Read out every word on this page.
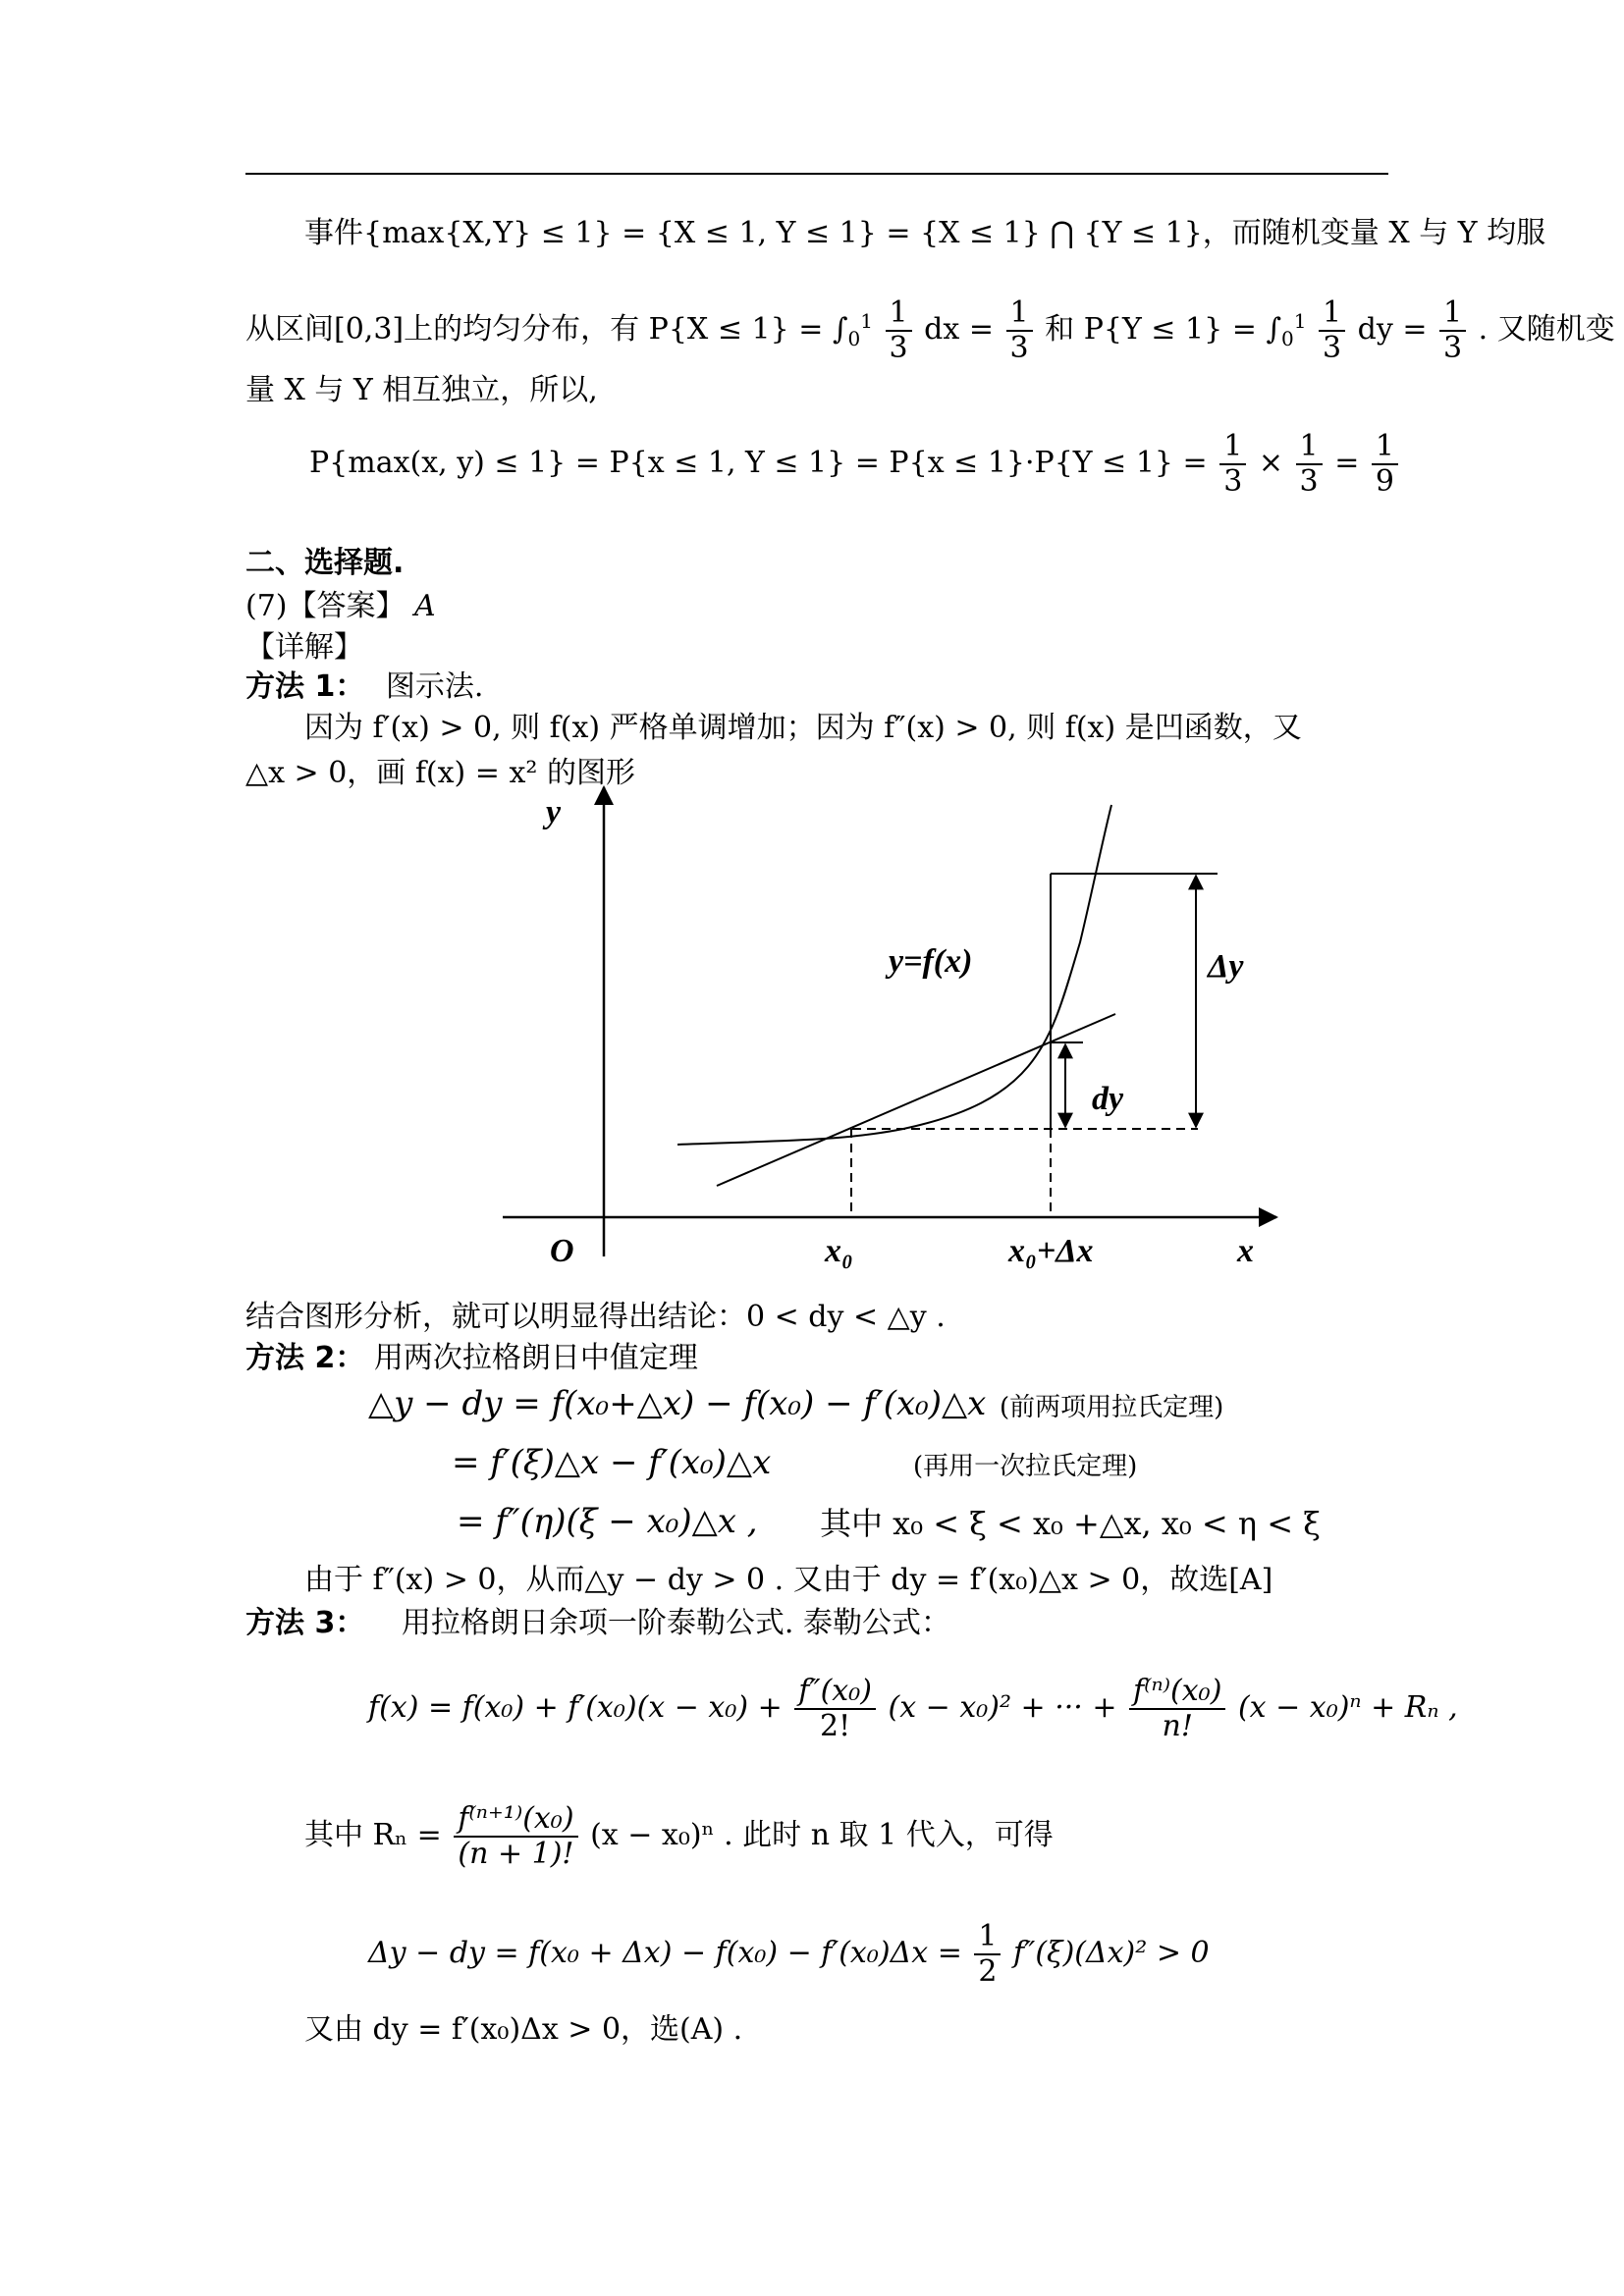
事件{max{X,Y} ≤ 1} = {X ≤ 1, Y ≤ 1} = {X ≤ 1} ⋂ {Y ≤ 1}，而随机变量 X 与 Y 均服
从区间[0,3]上的均匀分布，有 $P\{X \le 1\} = \int_0^1 \frac{1}{3}$ dx = $\frac{1}{3}$ 和 $P\{Y \le 1\} = \int_0^1 \frac{1}{3}$ dy = $\frac{1}{3}$ . 又随机变
量 X 与 Y 相互独立，所以,
P{max(x, y) ≤ 1} = P{x ≤ 1, $Y \le 1\} = P\{x \le 1\}\cdot P\{Y \le 1\} = \frac{1}{3} \times \frac{1}{3} = \frac{1}{9}$
二、选择题.
(7)【答案】 A
【详解】
方法 1： 图示法.
因为 f′(x) > 0, 则 f(x) 严格单调增加；因为 f″(x) > 0, 则 f(x) 是凹函数，又
△x > 0，画 f(x) = x² 的图形
y
x
O
y=f(x)	Δy
dy
x₀	x₀+Δx
结合图形分析，就可以明显得出结论：0 < dy < △y .
方法 2： 用两次拉格朗日中值定理
△y − dy = f(x₀+△x) − f(x₀) − f′(x₀)△x (前两项用拉氏定理)
= f′(ξ)△x − f′(x₀)△x	(再用一次拉氏定理)
= f″(η)(ξ − x₀)△x , 其中 x₀ < ξ < x₀ +△x, x₀ < η < ξ
由于 f″(x) > 0，从而△y − dy > 0 . 又由于 dy = f′(x₀)△x > 0，故选[A]
方法 3： 用拉格朗日余项一阶泰勒公式. 泰勒公式：
$f(x) = f(x_0) + f'(x_0)(x - x_0) + \frac{\text{f″(x₀)}}{2!} (x - x_0)^2$ + ··· + $\frac{\text{f⁽ⁿ⁾(x₀)}}{n!} (x - x_0)^n + R_n$ ,
其中 $R_n = \frac{\text{f⁽ⁿ⁺¹⁾(x₀)}}{(n + 1)!} (x - x_0)^n$ . 此时 n 取 1 代入，可得
Δy − dy = $f(x_0 + \Delta x) - f(x_0) - f'(x_0)\Delta x = \frac{1}{2} f''(\xi)(\Delta x)^2 > 0$
又由 dy = f′(x₀)Δx > 0，选(A) .
